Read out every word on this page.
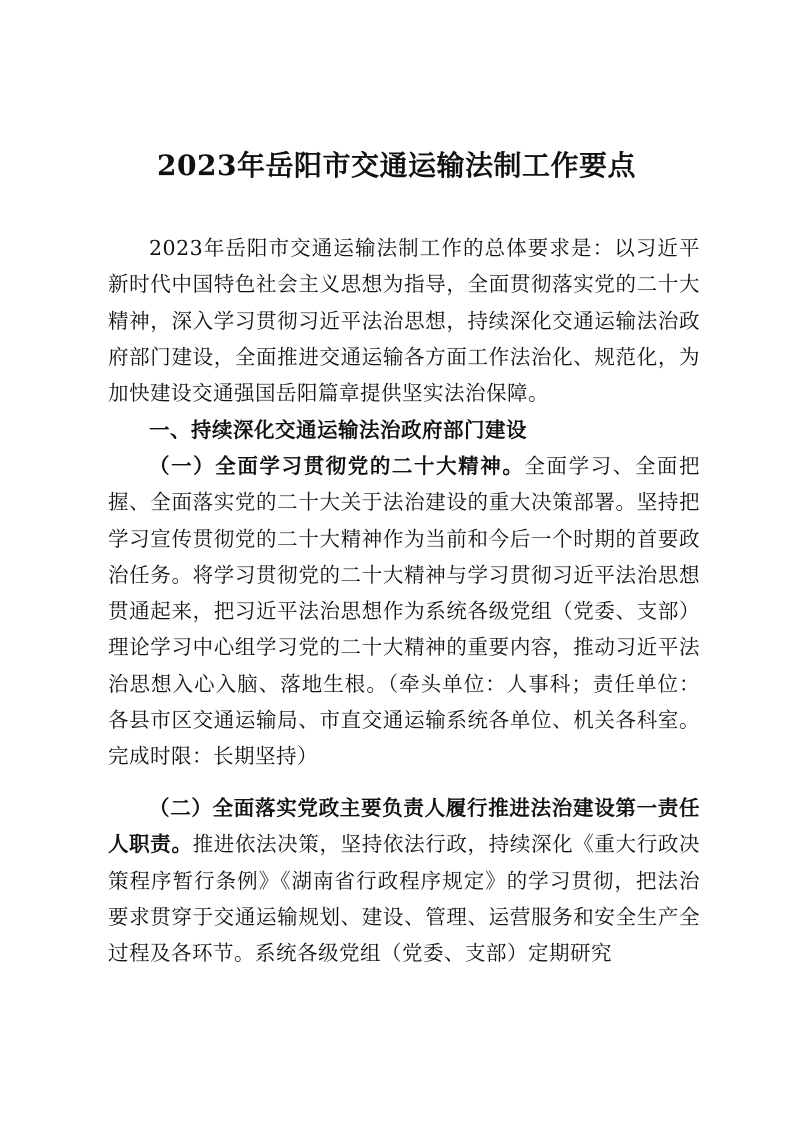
2023年岳阳市交通运输法制工作要点

2023年岳阳市交通运输法制工作的总体要求是：以习近平新时代中国特色社会主义思想为指导，全面贯彻落实党的二十大精神，深入学习贯彻习近平法治思想，持续深化交通运输法治政府部门建设，全面推进交通运输各方面工作法治化、规范化，为加快建设交通强国岳阳篇章提供坚实法治保障。

一、持续深化交通运输法治政府部门建设

（一）全面学习贯彻党的二十大精神。全面学习、全面把握、全面落实党的二十大关于法治建设的重大决策部署。坚持把学习宣传贯彻党的二十大精神作为当前和今后一个时期的首要政治任务。将学习贯彻党的二十大精神与学习贯彻习近平法治思想贯通起来，把习近平法治思想作为系统各级党组（党委、支部）理论学习中心组学习党的二十大精神的重要内容，推动习近平法治思想入心入脑、落地生根。（牵头单位：人事科；责任单位：各县市区交通运输局、市直交通运输系统各单位、机关各科室。完成时限：长期坚持）

（二）全面落实党政主要负责人履行推进法治建设第一责任人职责。推进依法决策，坚持依法行政，持续深化《重大行政决策程序暂行条例》《湖南省行政程序规定》的学习贯彻，把法治要求贯穿于交通运输规划、建设、管理、运营服务和安全生产全过程及各环节。系统各级党组（党委、支部）定期研究
